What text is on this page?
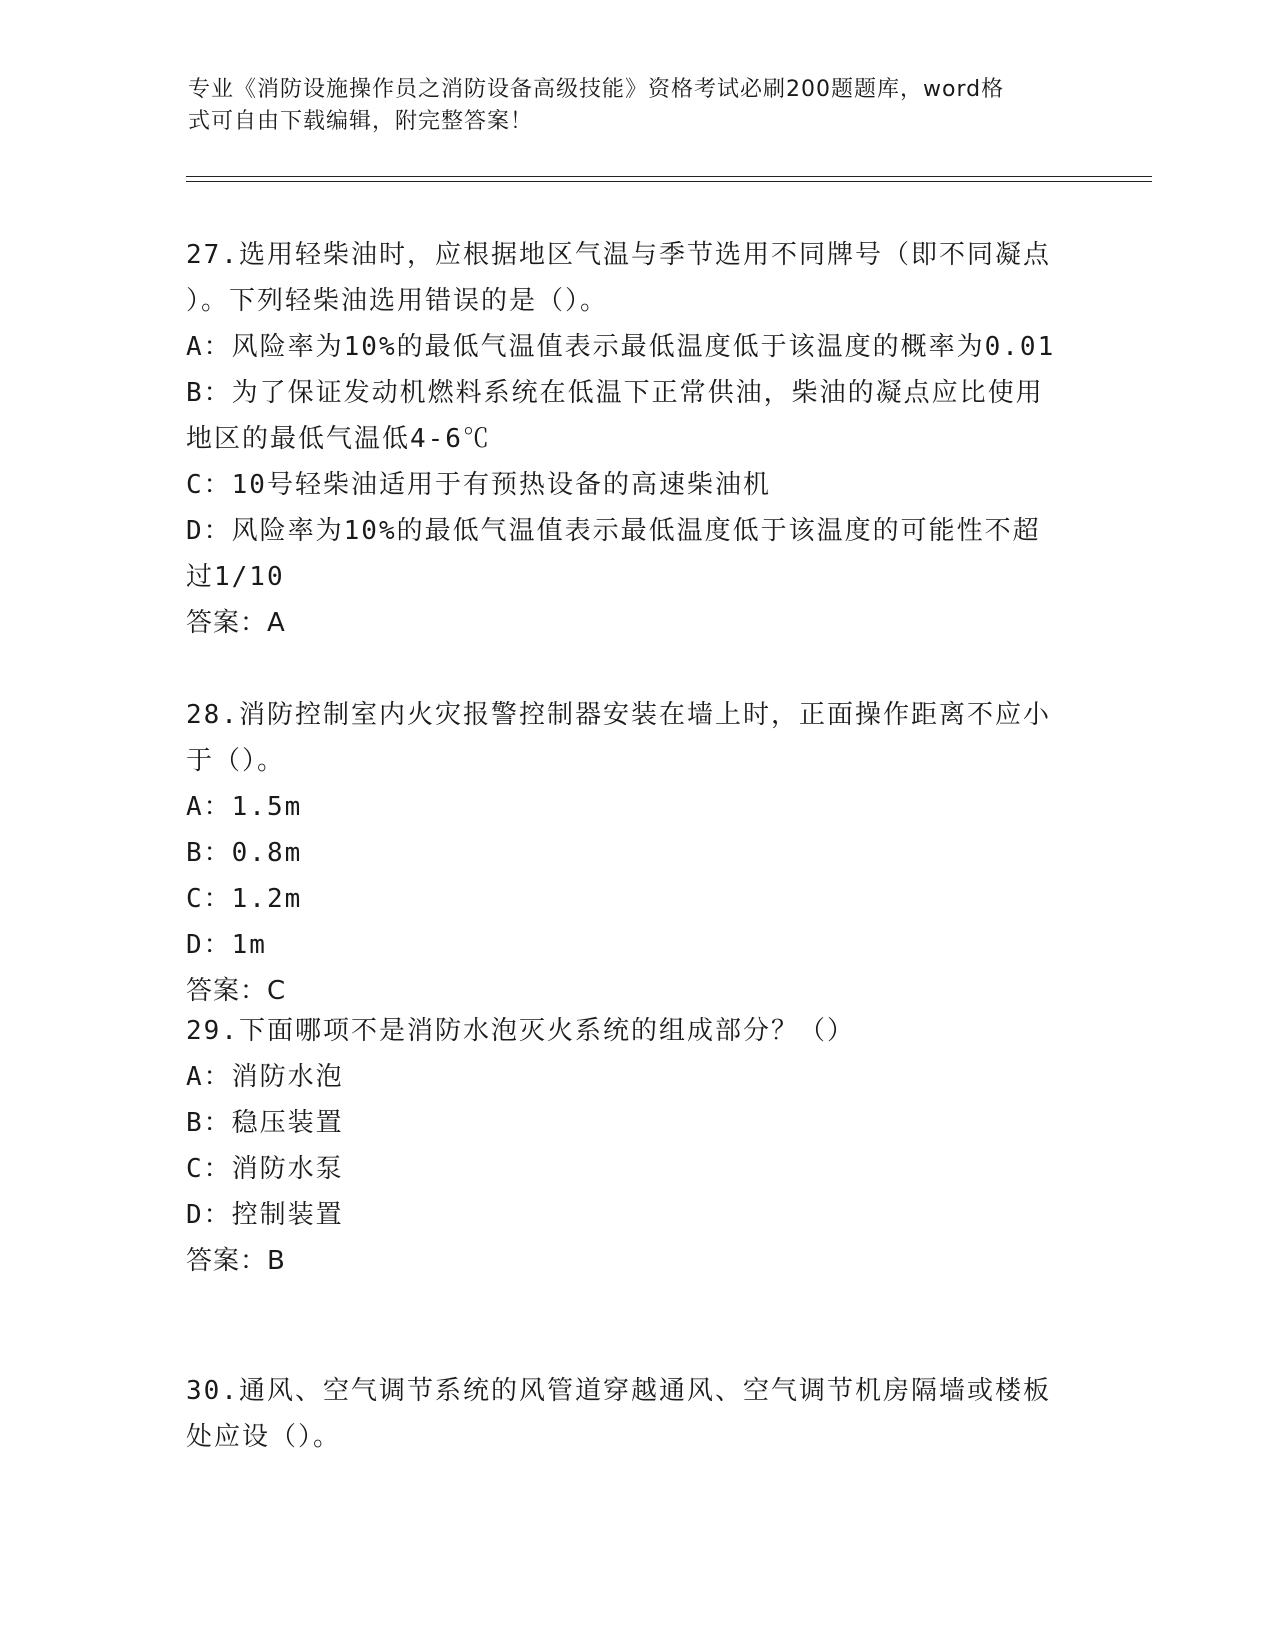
专业《消防设施操作员之消防设备高级技能》资格考试必刷200题题库，word格
式可自由下载编辑，附完整答案！
27.选用轻柴油时，应根据地区气温与季节选用不同牌号（即不同凝点
）。下列轻柴油选用错误的是（）。
A：风险率为10%的最低气温值表示最低温度低于该温度的概率为0.01
B：为了保证发动机燃料系统在低温下正常供油，柴油的凝点应比使用
地区的最低气温低4-6℃
C：10号轻柴油适用于有预热设备的高速柴油机
D：风险率为10%的最低气温值表示最低温度低于该温度的可能性不超
过1/10
答案：A
28.消防控制室内火灾报警控制器安装在墙上时，正面操作距离不应小
于（）。
A：1.5m
B：0.8m
C：1.2m
D：1m
答案：C
29.下面哪项不是消防水泡灭火系统的组成部分？（）
A：消防水泡
B：稳压装置
C：消防水泵
D：控制装置
答案：B
30.通风、空气调节系统的风管道穿越通风、空气调节机房隔墙或楼板
处应设（）。
